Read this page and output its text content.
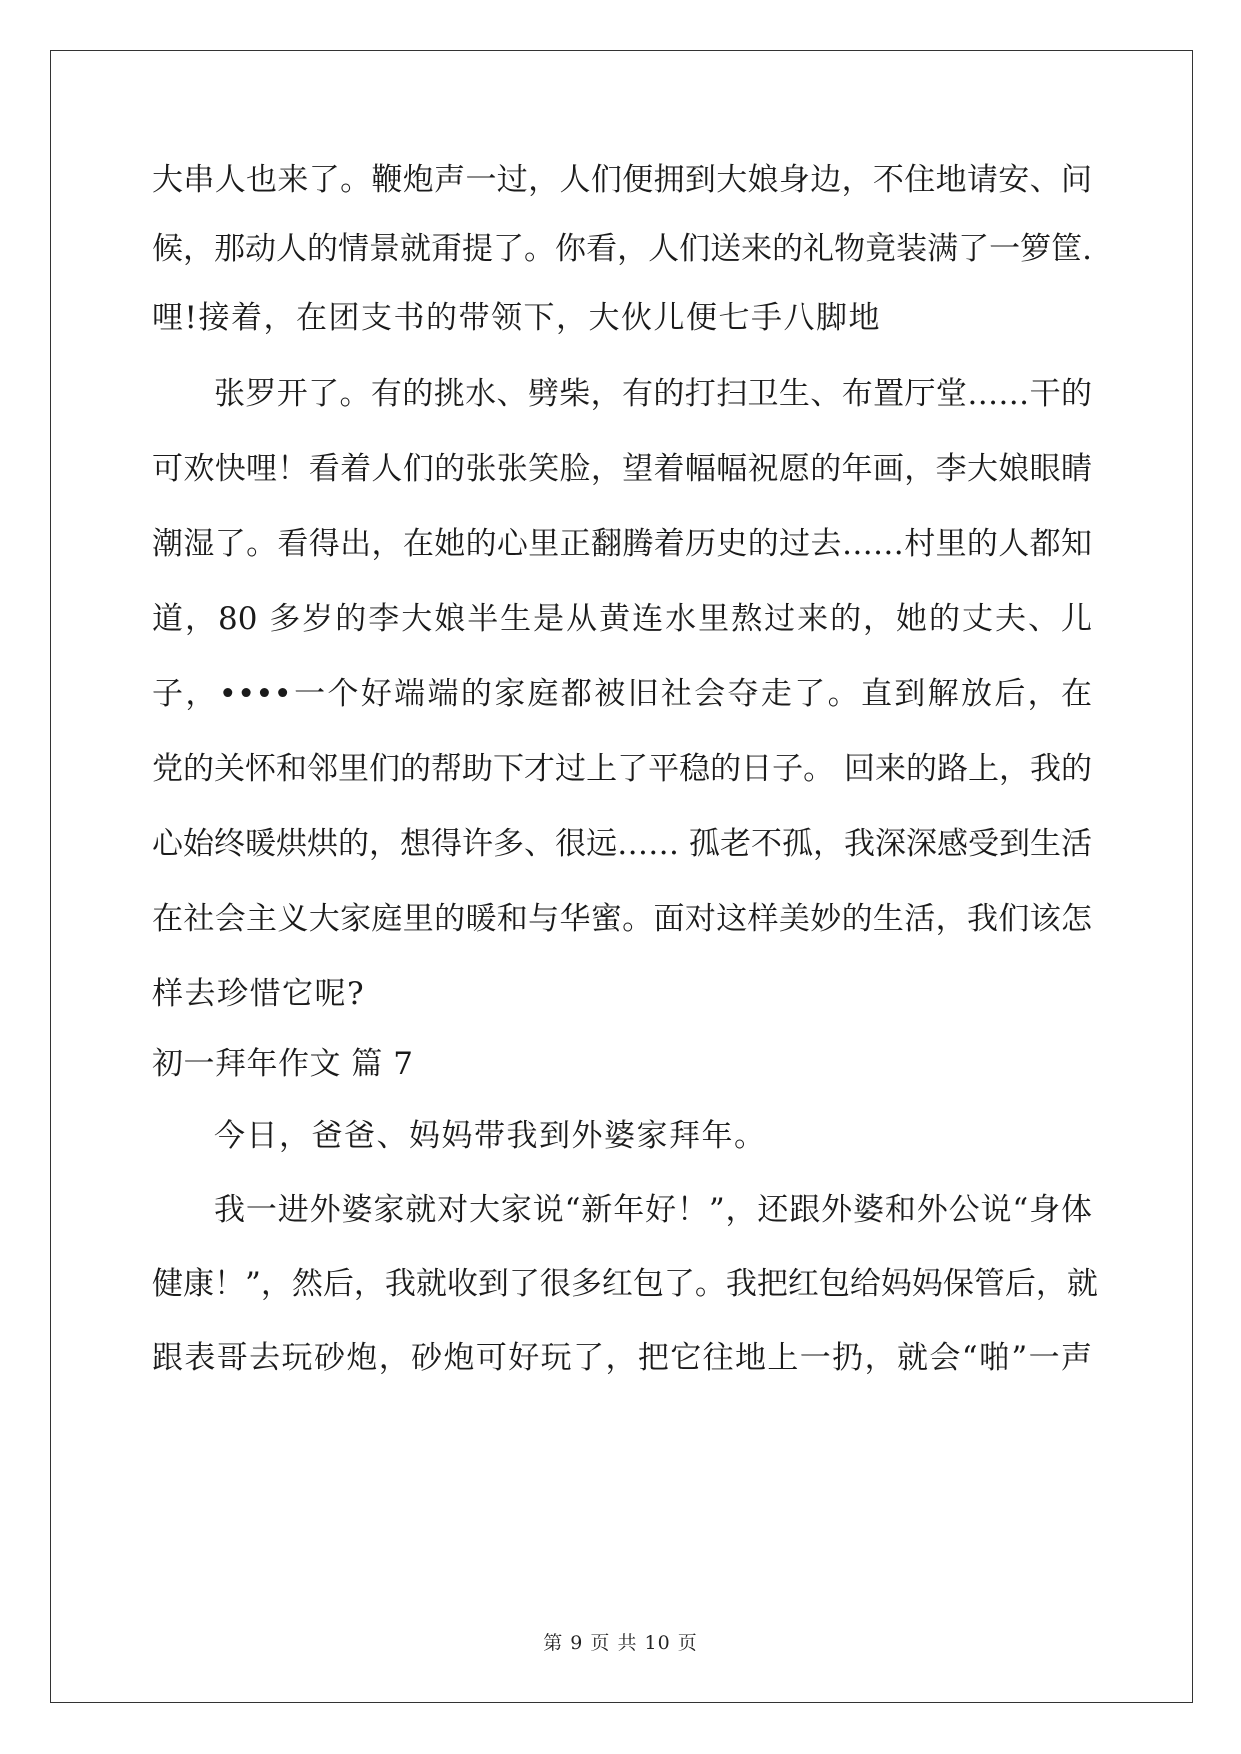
大串人也来了。鞭炮声一过，人们便拥到大娘身边，不住地请安、问
候，那动人的情景就甭提了。你看，人们送来的礼物竟装满了一箩筐.
哩!接着，在团支书的带领下，大伙儿便七手八脚地
张罗开了。有的挑水、劈柴，有的打扫卫生、布置厅堂……干的
可欢快哩！看着人们的张张笑脸，望着幅幅祝愿的年画，李大娘眼睛
潮湿了。看得出，在她的心里正翻腾着历史的过去……村里的人都知
道，80 多岁的李大娘半生是从黄连水里熬过来的，她的丈夫、儿
子，••••一个好端端的家庭都被旧社会夺走了。直到解放后，在
党的关怀和邻里们的帮助下才过上了平稳的日子。 回来的路上，我的
心始终暖烘烘的，想得许多、很远…… 孤老不孤，我深深感受到生活
在社会主义大家庭里的暖和与华蜜。面对这样美妙的生活，我们该怎
样去珍惜它呢?
初一拜年作文 篇 7
今日，爸爸、妈妈带我到外婆家拜年。
我一进外婆家就对大家说“新年好！”，还跟外婆和外公说“身体
健康！”，然后，我就收到了很多红包了。我把红包给妈妈保管后，就
跟表哥去玩砂炮，砂炮可好玩了，把它往地上一扔，就会“啪”一声
第 9 页 共 10 页
